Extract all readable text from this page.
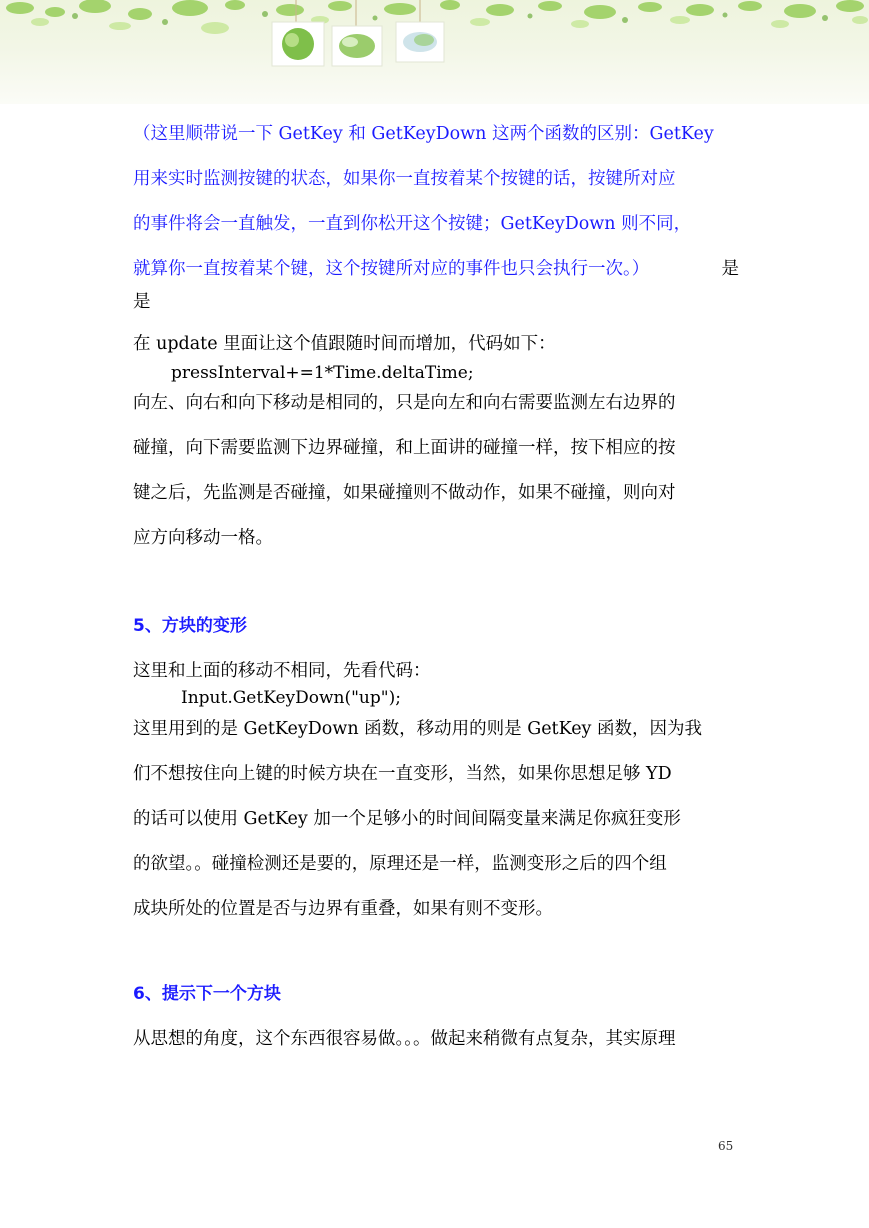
（这里顺带说一下 GetKey 和 GetKeyDown 这两个函数的区别：GetKey
用来实时监测按键的状态，如果你一直按着某个按键的话，按键所对应
的事件将会一直触发，一直到你松开这个按键；GetKeyDown 则不同，
就算你一直按着某个键，这个按键所对应的事件也只会执行一次。）	是
是
在 update 里面让这个值跟随时间而增加，代码如下：
pressInterval+=1*Time.deltaTime;
向左、向右和向下移动是相同的，只是向左和向右需要监测左右边界的
碰撞，向下需要监测下边界碰撞，和上面讲的碰撞一样，按下相应的按
键之后，先监测是否碰撞，如果碰撞则不做动作，如果不碰撞，则向对
应方向移动一格。
5、方块的变形
这里和上面的移动不相同，先看代码：
Input.GetKeyDown("up");
这里用到的是 GetKeyDown 函数，移动用的则是 GetKey 函数，因为我
们不想按住向上键的时候方块在一直变形，当然，如果你思想足够 YD
的话可以使用 GetKey 加一个足够小的时间间隔变量来满足你疯狂变形
的欲望。。碰撞检测还是要的，原理还是一样，监测变形之后的四个组
成块所处的位置是否与边界有重叠，如果有则不变形。
6、提示下一个方块
从思想的角度，这个东西很容易做。。。做起来稍微有点复杂，其实原理
65
